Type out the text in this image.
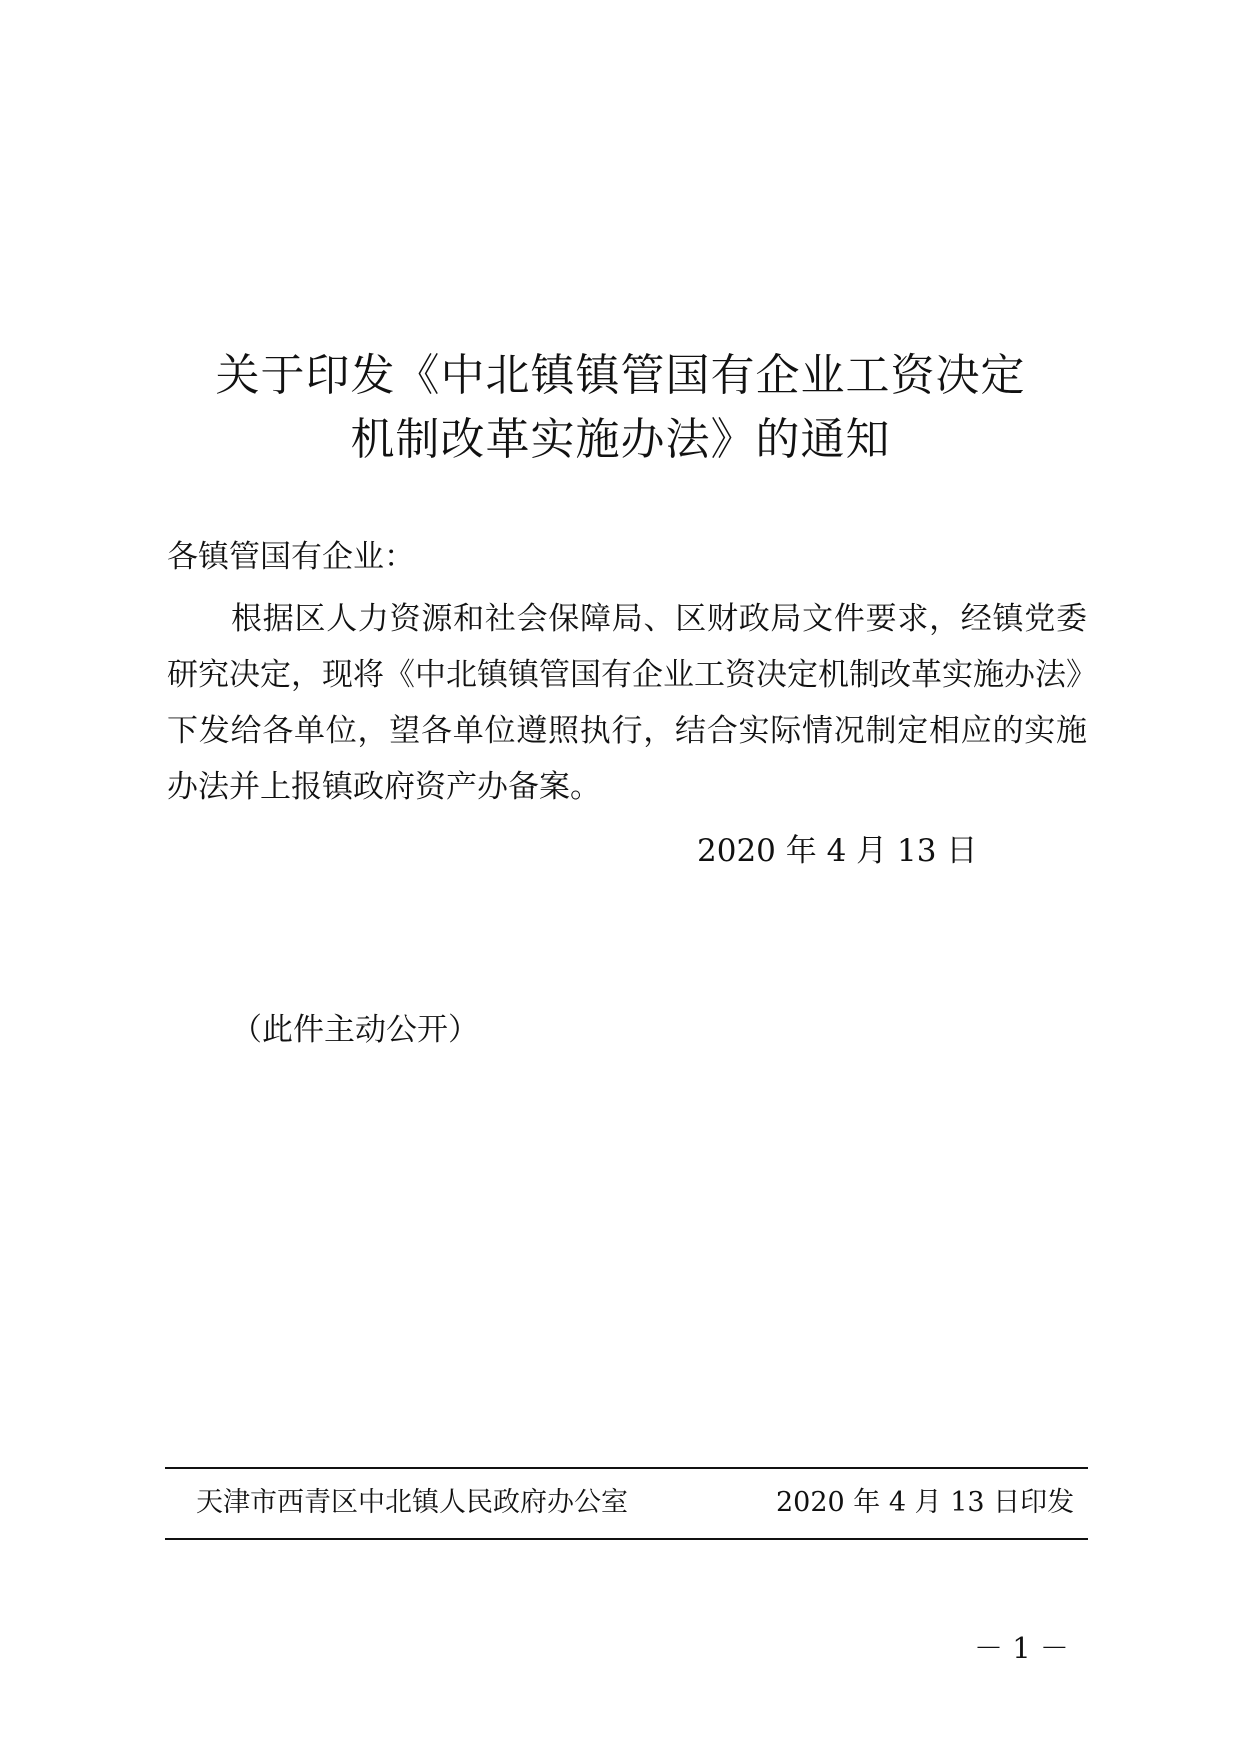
关于印发《中北镇镇管国有企业工资决定
机制改革实施办法》的通知
各镇管国有企业：
根据区人力资源和社会保障局、区财政局文件要求，经镇党委
研究决定，现将《中北镇镇管国有企业工资决定机制改革实施办法》
下发给各单位，望各单位遵照执行，结合实际情况制定相应的实施
办法并上报镇政府资产办备案。
2020 年 4 月 13 日
（此件主动公开）
天津市西青区中北镇人民政府办公室	2020 年 4 月 13 日印发
－ 1 －
